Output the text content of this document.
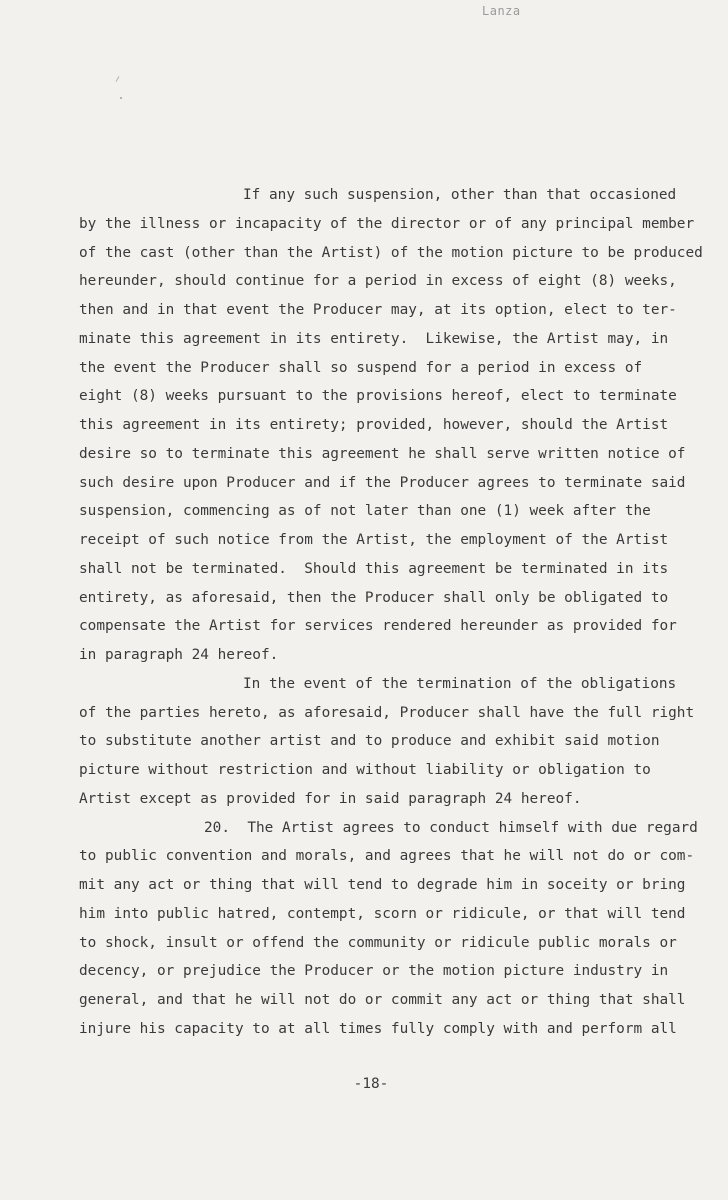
Lanza
If any such suspension, other than that occasioned
by the illness or incapacity of the director or of any principal member
of the cast (other than the Artist) of the motion picture to be produced
hereunder, should continue for a period in excess of eight (8) weeks,
then and in that event the Producer may, at its option, elect to ter-
minate this agreement in its entirety.  Likewise, the Artist may, in
the event the Producer shall so suspend for a period in excess of
eight (8) weeks pursuant to the provisions hereof, elect to terminate
this agreement in its entirety; provided, however, should the Artist
desire so to terminate this agreement he shall serve written notice of
such desire upon Producer and if the Producer agrees to terminate said
suspension, commencing as of not later than one (1) week after the
receipt of such notice from the Artist, the employment of the Artist
shall not be terminated.  Should this agreement be terminated in its
entirety, as aforesaid, then the Producer shall only be obligated to
compensate the Artist for services rendered hereunder as provided for
in paragraph 24 hereof.
In the event of the termination of the obligations
of the parties hereto, as aforesaid, Producer shall have the full right
to substitute another artist and to produce and exhibit said motion
picture without restriction and without liability or obligation to
Artist except as provided for in said paragraph 24 hereof.
20.  The Artist agrees to conduct himself with due regard
to public convention and morals, and agrees that he will not do or com-
mit any act or thing that will tend to degrade him in soceity or bring
him into public hatred, contempt, scorn or ridicule, or that will tend
to shock, insult or offend the community or ridicule public morals or
decency, or prejudice the Producer or the motion picture industry in
general, and that he will not do or commit any act or thing that shall
injure his capacity to at all times fully comply with and perform all
-18-
